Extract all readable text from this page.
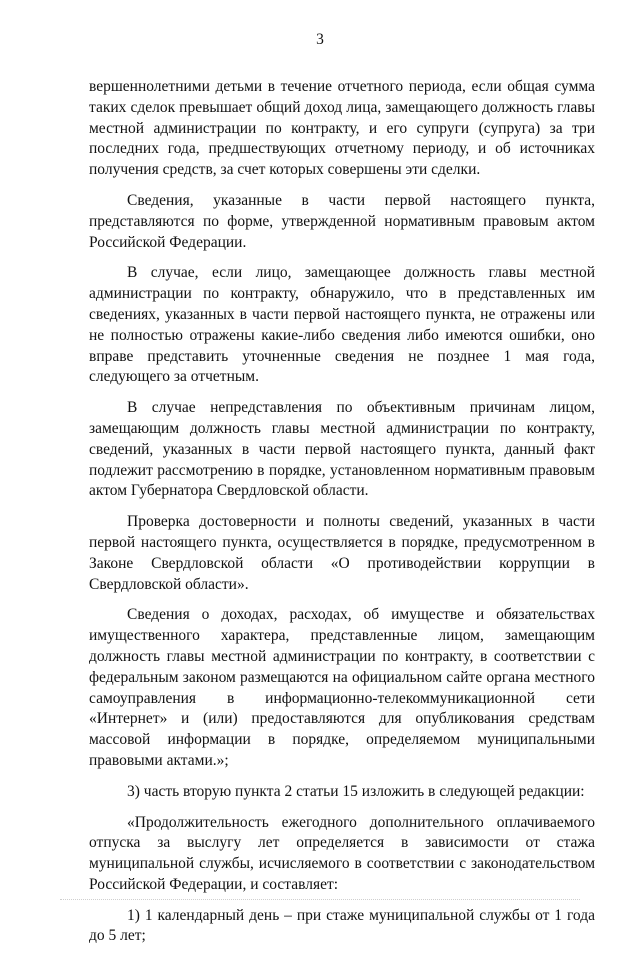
3

вершеннолетними детьми в течение отчетного периода, если общая сумма таких сделок превышает общий доход лица, замещающего должность главы местной администрации по контракту, и его супруги (супруга) за три последних года, предшествующих отчетному периоду, и об источниках получения средств, за счет которых совершены эти сделки.

Сведения, указанные в части первой настоящего пункта, представляются по форме, утвержденной нормативным правовым актом Российской Федерации.

В случае, если лицо, замещающее должность главы местной администрации по контракту, обнаружило, что в представленных им сведениях, указанных в части первой настоящего пункта, не отражены или не полностью отражены какие-либо сведения либо имеются ошибки, оно вправе представить уточненные сведения не позднее 1 мая года, следующего за отчетным.

В случае непредставления по объективным причинам лицом, замещающим должность главы местной администрации по контракту, сведений, указанных в части первой настоящего пункта, данный факт подлежит рассмотрению в порядке, установленном нормативным правовым актом Губернатора Свердловской области.

Проверка достоверности и полноты сведений, указанных в части первой настоящего пункта, осуществляется в порядке, предусмотренном в Законе Свердловской области «О противодействии коррупции в Свердловской области».

Сведения о доходах, расходах, об имуществе и обязательствах имущественного характера, представленные лицом, замещающим должность главы местной администрации по контракту, в соответствии с федеральным законом размещаются на официальном сайте органа местного самоуправления в информационно-телекоммуникационной сети «Интернет» и (или) предоставляются для опубликования средствам массовой информации в порядке, определяемом муниципальными правовыми актами.»;

3) часть вторую пункта 2 статьи 15 изложить в следующей редакции:

«Продолжительность ежегодного дополнительного оплачиваемого отпуска за выслугу лет определяется в зависимости от стажа муниципальной службы, исчисляемого в соответствии с законодательством Российской Федерации, и составляет:

1) 1 календарный день – при стаже муниципальной службы от 1 года до 5 лет;
